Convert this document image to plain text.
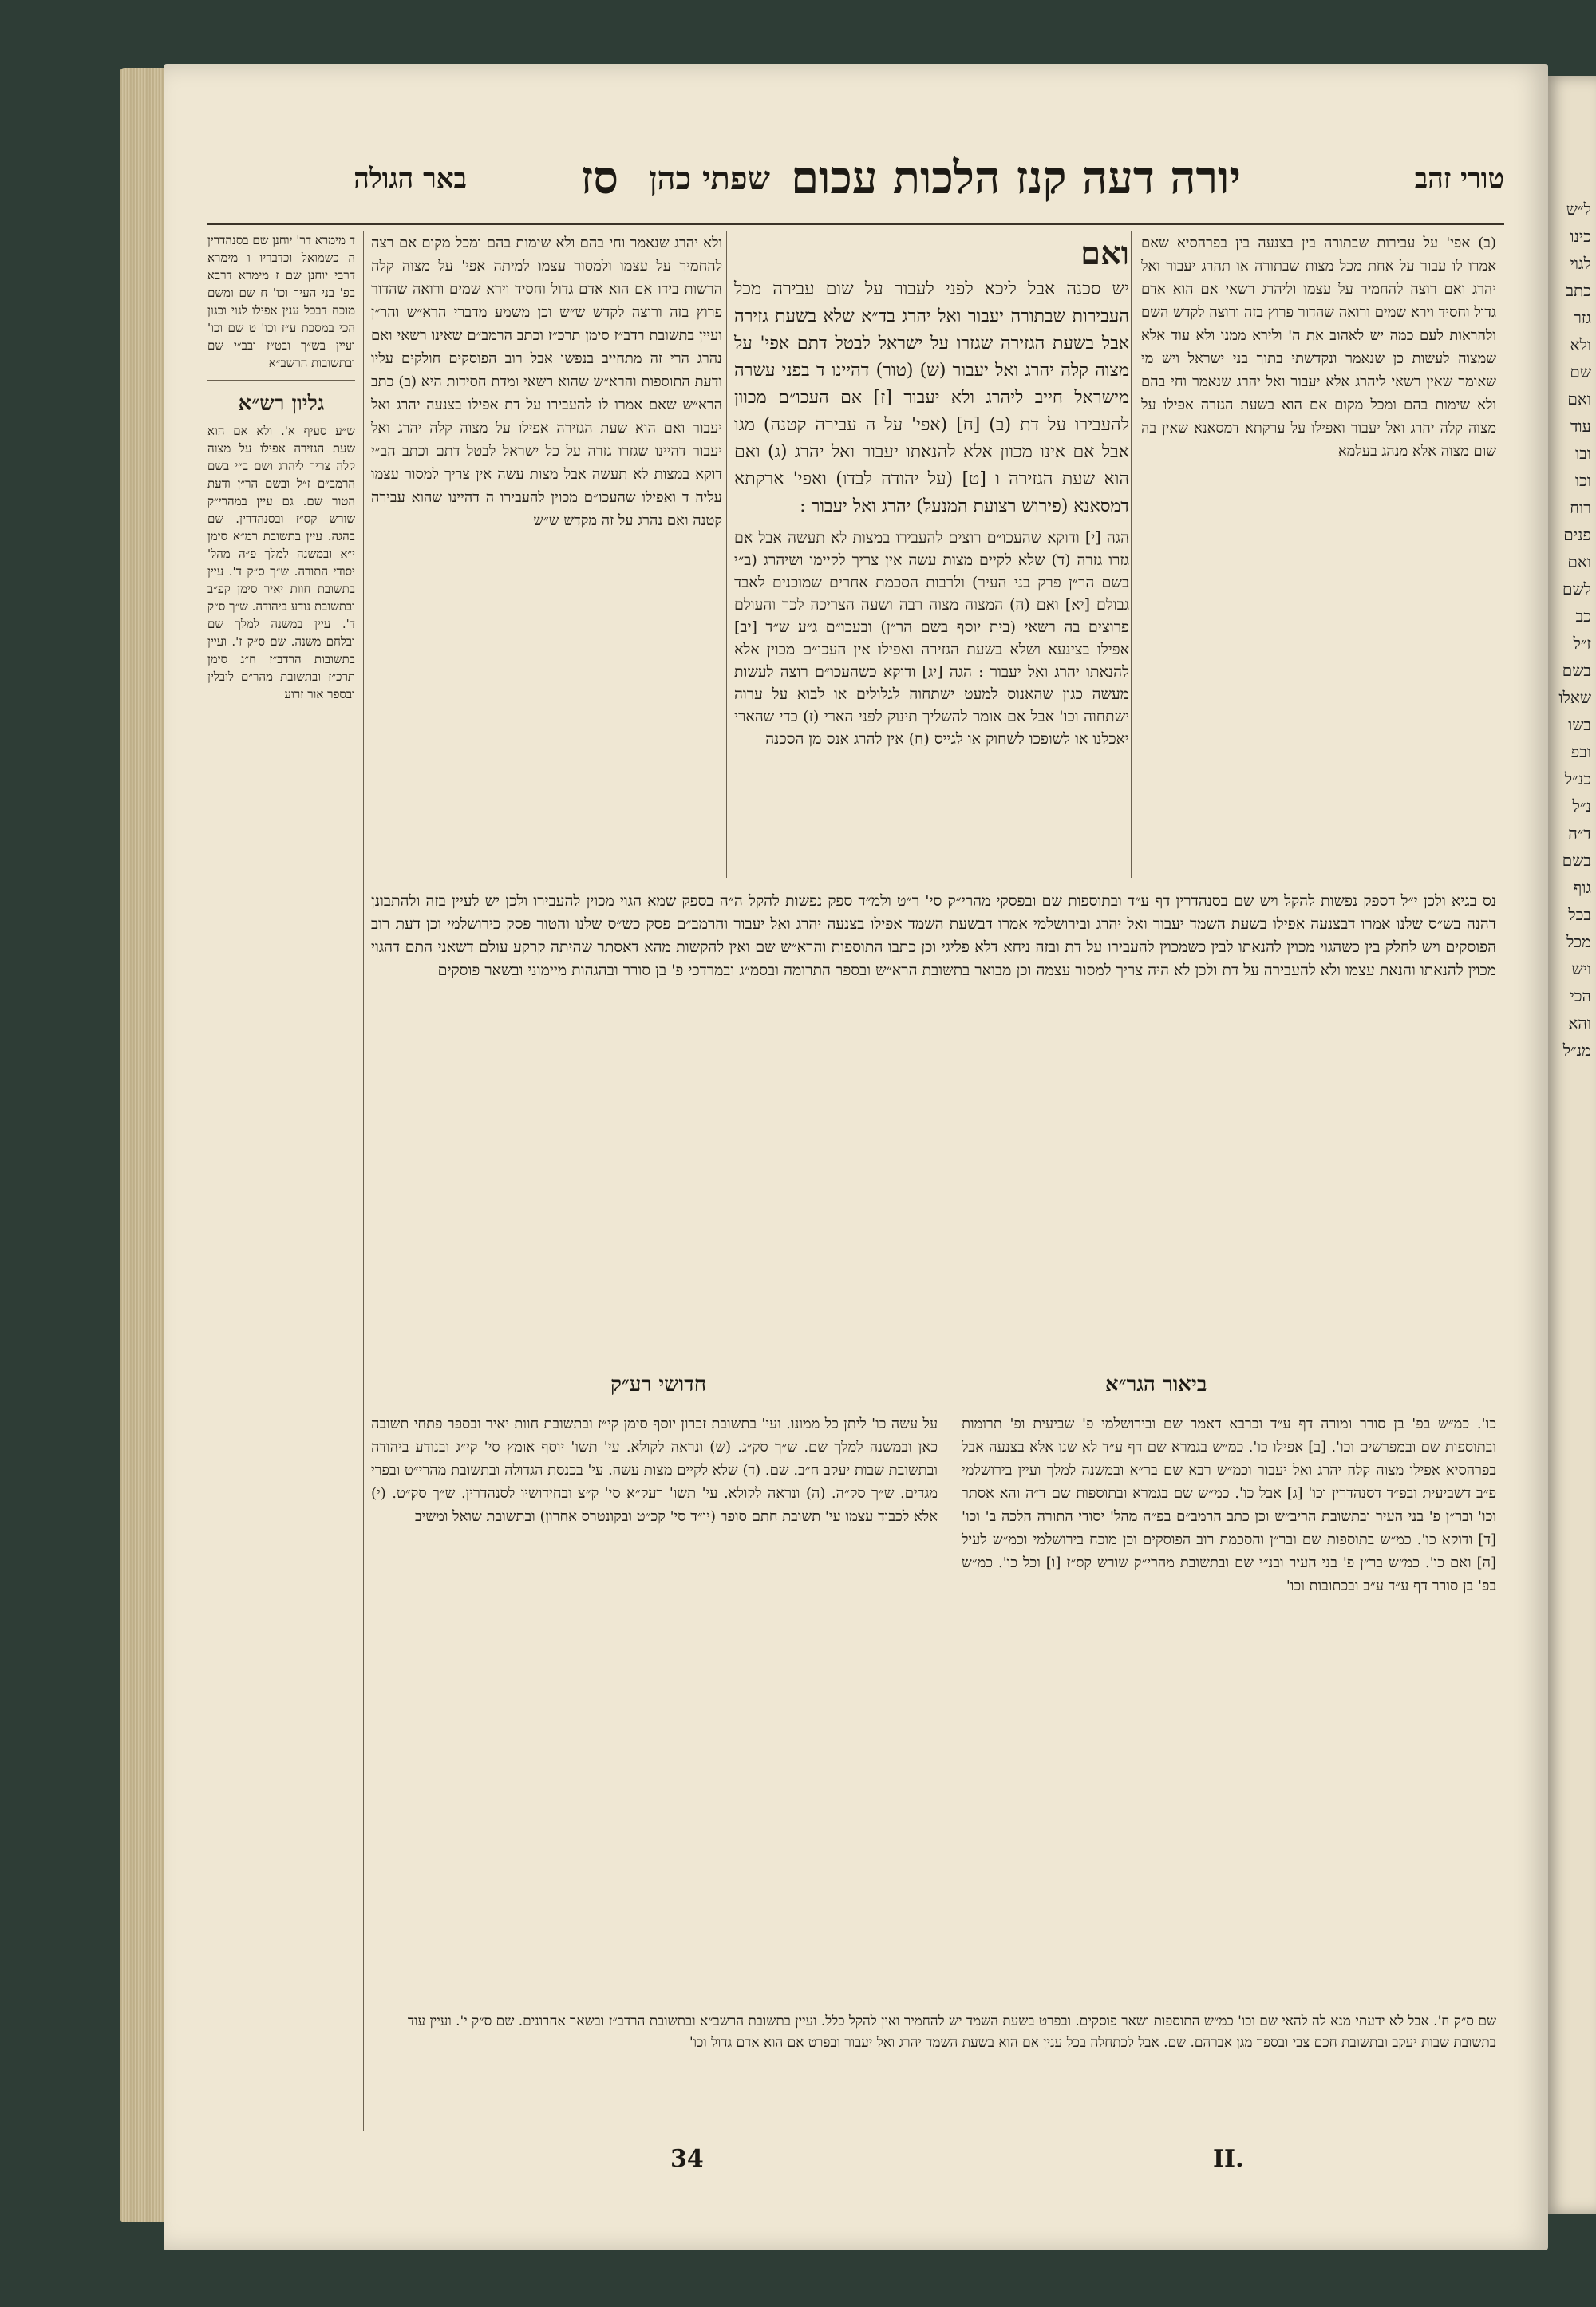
ל״ש
כינו
לגוי
כתב
גזר
ולא
שם
ואם
עוד
ובו
וכו
רוח
פנים
ואם
לשם
כב
ז״ל
בשם
שאלו
בשו
ובפ
כנ״ל
נ״ל
ד״ה
בשם
גוף
בכל
מכל
ויש
הכי
והא
מנ״ל
טורי זהב
יורה דעה קנז הלכות עכום
שפתי כהן
סז
באר הגולה
(ב) אפי' על עבירות שבתורה בין בצנעה בין בפרהסיא שאם אמרו לו עבור על אחת מכל מצות שבתורה או תהרג יעבור ואל יהרג ואם רוצה להחמיר על עצמו וליהרג רשאי אם הוא אדם גדול וחסיד וירא שמים ורואה שהדור פרוץ בזה ורוצה לקדש השם ולהראות לעם כמה יש לאהוב את ה' ולירא ממנו ולא עוד אלא שמצוה לעשות כן שנאמר ונקדשתי בתוך בני ישראל ויש מי שאומר שאין רשאי ליהרג אלא יעבור ואל יהרג שנאמר וחי בהם ולא שימות בהם ומכל מקום אם הוא בשעת הגזרה אפילו על מצוה קלה יהרג ואל יעבור ואפילו על ערקתא דמסאנא שאין בה שום מצוה אלא מנהג בעלמא
ואם
יש סכנה אבל ליכא לפני לעבור על שום עבירה מכל העבירות שבתורה יעבור ואל יהרג בד״א שלא בשעת גזירה אבל בשעת הגזירה שגזרו על ישראל לבטל דתם אפי' על מצוה קלה יהרג ואל יעבור (ש) (טור) דהיינו ד בפני עשרה מישראל חייב ליהרג ולא יעבור [ז] אם העכו״ם מכוון להעבירו על דת (ב) [ח] (אפי' על ה עבירה קטנה) מגו אבל אם אינו מכוון אלא להנאתו יעבור ואל יהרג (ג) ואם הוא שעת הגזירה ו [ט] (על יהודה לבדו) ואפי' ארקתא דמסאנא (פירוש רצועת המנעל) יהרג ואל יעבור :
הגה [י] ודוקא שהעכו״ם רוצים להעבירו במצות לא תעשה אבל אם גזרו גזרה (ד) שלא לקיים מצות עשה אין צריך לקיימו ושיהרג (ב״י בשם הר״ן פרק בני העיר) ולרבות הסכמת אחרים שמוכנים לאבד גבולם [יא] ואם (ה) המצוה מצוה רבה ושעה הצריכה לכך והעולם פרוצים בה רשאי (בית יוסף בשם הר״ן) ובעכו״ם ג״ע ש״ד [יב] אפילו בצינעא ושלא בשעת הגזירה ואפילו אין העכו״ם מכוין אלא להנאתו יהרג ואל יעבור : הגה [יג] ודוקא כשהעכו״ם רוצה לעשות מעשה כגון שהאנוס למעט ישתחוה לגלולים או לבוא על ערוה ישתחוה וכו' אבל אם אומר להשליך תינוק לפני הארי (ז) כדי שהארי יאכלנו או לשופכו לשחוק או לגייס (ח) אין להרג אנס מן הסכנה
ולא יהרג שנאמר וחי בהם ולא שימות בהם ומכל מקום אם רצה להחמיר על עצמו ולמסור עצמו למיתה אפי' על מצוה קלה הרשות בידו אם הוא אדם גדול וחסיד וירא שמים ורואה שהדור פרוץ בזה ורוצה לקדש ש״ש וכן משמע מדברי הרא״ש והר״ן ועיין בתשובת רדב״ז סימן תרכ״ז וכתב הרמב״ם שאינו רשאי ואם נהרג הרי זה מתחייב בנפשו אבל רוב הפוסקים חולקים עליו ודעת התוספות והרא״ש שהוא רשאי ומדת חסידות היא (ב) כתב הרא״ש שאם אמרו לו להעבירו על דת אפילו בצנעה יהרג ואל יעבור ואם הוא שעת הגזירה אפילו על מצוה קלה יהרג ואל יעבור דהיינו שגזרו גזרה על כל ישראל לבטל דתם וכתב הב״י דוקא במצות לא תעשה אבל מצות עשה אין צריך למסור עצמו עליה ד ואפילו שהעכו״ם מכוין להעבירו ה דהיינו שהוא עבירה קטנה ואם נהרג על זה מקדש ש״ש
ד מימרא דר' יוחנן שם בסנהדרין ה כשמואל וכדבריו ו מימרא דרבי יוחנן שם ז מימרא דרבא בפ' בני העיר וכו' ח שם ומשם מוכח דבכל ענין אפילו לגוי וכגון הכי במסכת ע״ז וכו' ט שם וכו' ועיין בש״ך ובט״ז ובב״י שם ובתשובות הרשב״א
גליון רש״א
ש״ע סעיף א'. ולא אם הוא שעת הגזירה אפילו על מצוה קלה צריך ליהרג ושם ב״י בשם הרמב״ם ז״ל ובשם הר״ן ודעת הטור שם. גם עיין במהרי״ק שורש קס״ז ובסנהדרין. שם בהגה. עיין בתשובת רמ״א סימן י״א ובמשנה למלך פ״ה מהל' יסודי התורה. ש״ך ס״ק ד'. עיין בתשובת חוות יאיר סימן קפ״ב ובתשובת נודע ביהודה. ש״ך ס״ק ד'. עיין במשנה למלך שם ובלחם משנה. שם ס״ק ז'. ועיין בתשובות הרדב״ז ח״ג סימן תרכ״ז ובתשובת מהר״ם לובלין ובספר אור זרוע
נס בגיא ולכן י״ל דספק נפשות להקל ויש שם בסנהדרין דף ע״ד ובתוספות שם ובפסקי מהרי״ק סי' ר״ט ולמ״ד ספק נפשות להקל ה״ה בספק שמא הגוי מכוין להעבירו ולכן יש לעיין בזה ולהתבונן דהנה בש״ס שלנו אמרו דבצנעה אפילו בשעת השמד יעבור ואל יהרג ובירושלמי אמרו דבשעת השמד אפילו בצנעה יהרג ואל יעבור והרמב״ם פסק כש״ס שלנו והטור פסק כירושלמי וכן דעת רוב הפוסקים ויש לחלק בין כשהגוי מכוין להנאתו לבין כשמכוין להעבירו על דת ובזה ניחא דלא פליגי וכן כתבו התוספות והרא״ש שם ואין להקשות מהא דאסתר שהיתה קרקע עולם דשאני התם דהגוי מכוין להנאתו והנאת עצמו ולא להעבירה על דת ולכן לא היה צריך למסור עצמה וכן מבואר בתשובת הרא״ש ובספר התרומה ובסמ״ג ובמרדכי פ' בן סורר ובהגהות מיימוני ובשאר פוסקים
ביאור הגר״א
חדושי רע״ק
כו'. כמ״ש בפ' בן סורר ומורה דף ע״ד וכרבא דאמר שם ובירושלמי פ' שביעית ופ' תרומות ובתוספות שם ובמפרשים וכו'. [ב] אפילו כו'. כמ״ש בגמרא שם דף ע״ד לא שנו אלא בצנעה אבל בפרהסיא אפילו מצוה קלה יהרג ואל יעבור וכמ״ש רבא שם בר״א ובמשנה למלך ועיין בירושלמי פ״ב דשביעית ובפ״ד דסנהדרין וכו' [ג] אבל כו'. כמ״ש שם בגמרא ובתוספות שם ד״ה והא אסתר וכו' ובר״ן פ' בני העיר ובתשובת הריב״ש וכן כתב הרמב״ם בפ״ה מהל' יסודי התורה הלכה ב' וכו' [ד] ודוקא כו'. כמ״ש בתוספות שם ובר״ן והסכמת רוב הפוסקים וכן מוכח בירושלמי וכמ״ש לעיל [ה] ואם כו'. כמ״ש בר״ן פ' בני העיר ובנ״י שם ובתשובת מהרי״ק שורש קס״ז [ו] וכל כו'. כמ״ש בפ' בן סורר דף ע״ד ע״ב ובכתובות וכו'
על עשה כו' ליתן כל ממונו. ועי' בתשובת זכרון יוסף סימן קי״ז ובתשובת חוות יאיר ובספר פתחי תשובה כאן ובמשנה למלך שם. ש״ך סק״ג. (ש) ונראה לקולא. עי' תשו' יוסף אומץ סי' קי״ג ובנודע ביהודה ובתשובת שבות יעקב ח״ב. שם. (ד) שלא לקיים מצות עשה. עי' בכנסת הגדולה ובתשובת מהרי״ט ובפרי מגדים. ש״ך סק״ה. (ה) ונראה לקולא. עי' תשו' רעק״א סי' ק״צ ובחידושיו לסנהדרין. ש״ך סק״ט. (י) אלא לכבוד עצמו עי' תשובת חתם סופר (יו״ד סי' קכ״ט ובקונטרס אחרון) ובתשובת שואל ומשיב
שם ס״ק ח'. אבל לא ידעתי מנא לה להאי שם וכו' כמ״ש התוספות ושאר פוסקים. ובפרט בשעת השמד יש להחמיר ואין להקל כלל. ועיין בתשובת הרשב״א ובתשובת הרדב״ז ובשאר אחרונים. שם ס״ק י'. ועיין עוד בתשובת שבות יעקב ובתשובת חכם צבי ובספר מגן אברהם. שם. אבל לכתחלה בכל ענין אם הוא בשעת השמד יהרג ואל יעבור ובפרט אם הוא אדם גדול וכו'
34	II.
